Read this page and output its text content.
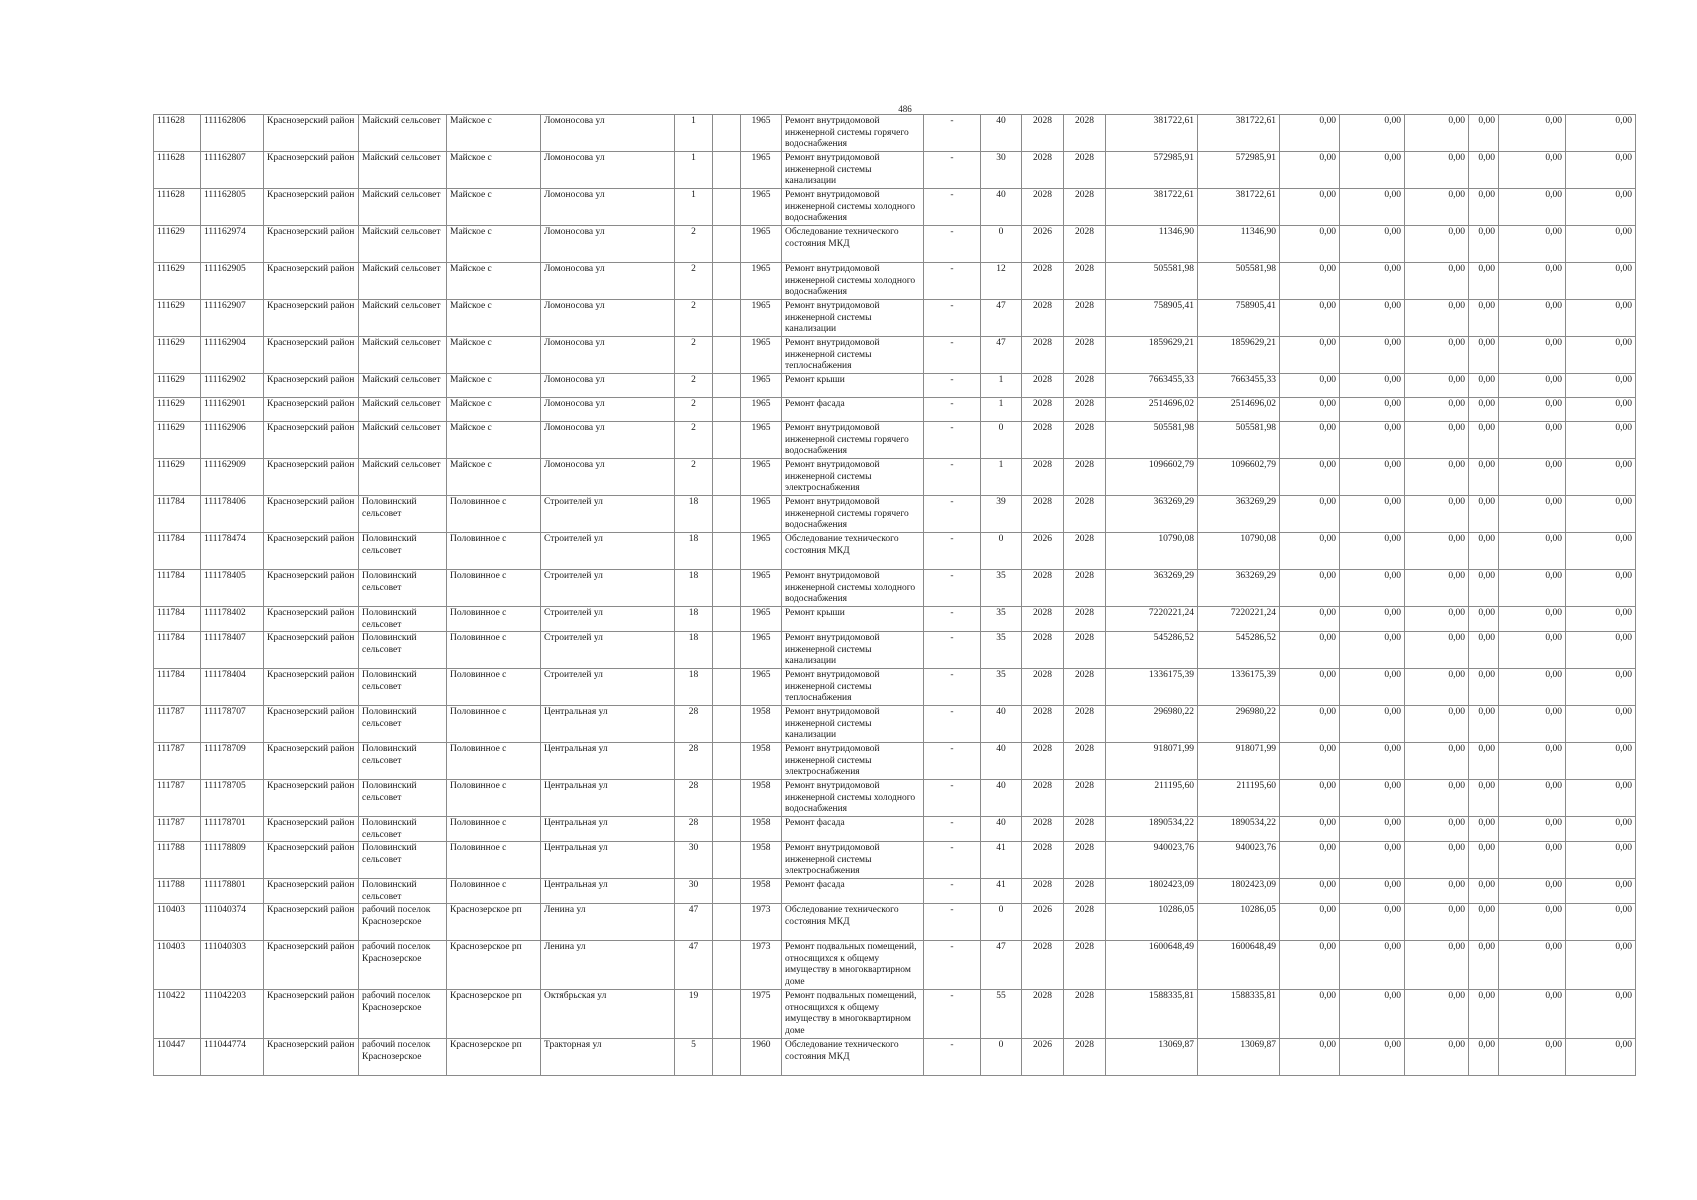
486
111628	111162806	Краснозерский район	Майский сельсовет	Майское с	Ломоносова ул	1		1965	Ремонт внутридомовой инженерной системы горячего водоснабжения	-	40	2028	2028	381722,61	381722,61	0,00	0,00	0,00	0,00	0,00	0,00
111628	111162807	Краснозерский район	Майский сельсовет	Майское с	Ломоносова ул	1		1965	Ремонт внутридомовой инженерной системы канализации	-	30	2028	2028	572985,91	572985,91	0,00	0,00	0,00	0,00	0,00	0,00
111628	111162805	Краснозерский район	Майский сельсовет	Майское с	Ломоносова ул	1		1965	Ремонт внутридомовой инженерной системы холодного водоснабжения	-	40	2028	2028	381722,61	381722,61	0,00	0,00	0,00	0,00	0,00	0,00
111629	111162974	Краснозерский район	Майский сельсовет	Майское с	Ломоносова ул	2		1965	Обследование технического состояния МКД	-	0	2026	2028	11346,90	11346,90	0,00	0,00	0,00	0,00	0,00	0,00
111629	111162905	Краснозерский район	Майский сельсовет	Майское с	Ломоносова ул	2		1965	Ремонт внутридомовой инженерной системы холодного водоснабжения	-	12	2028	2028	505581,98	505581,98	0,00	0,00	0,00	0,00	0,00	0,00
111629	111162907	Краснозерский район	Майский сельсовет	Майское с	Ломоносова ул	2		1965	Ремонт внутридомовой инженерной системы канализации	-	47	2028	2028	758905,41	758905,41	0,00	0,00	0,00	0,00	0,00	0,00
111629	111162904	Краснозерский район	Майский сельсовет	Майское с	Ломоносова ул	2		1965	Ремонт внутридомовой инженерной системы теплоснабжения	-	47	2028	2028	1859629,21	1859629,21	0,00	0,00	0,00	0,00	0,00	0,00
111629	111162902	Краснозерский район	Майский сельсовет	Майское с	Ломоносова ул	2		1965	Ремонт крыши	-	1	2028	2028	7663455,33	7663455,33	0,00	0,00	0,00	0,00	0,00	0,00
111629	111162901	Краснозерский район	Майский сельсовет	Майское с	Ломоносова ул	2		1965	Ремонт фасада	-	1	2028	2028	2514696,02	2514696,02	0,00	0,00	0,00	0,00	0,00	0,00
111629	111162906	Краснозерский район	Майский сельсовет	Майское с	Ломоносова ул	2		1965	Ремонт внутридомовой инженерной системы горячего водоснабжения	-	0	2028	2028	505581,98	505581,98	0,00	0,00	0,00	0,00	0,00	0,00
111629	111162909	Краснозерский район	Майский сельсовет	Майское с	Ломоносова ул	2		1965	Ремонт внутридомовой инженерной системы электроснабжения	-	1	2028	2028	1096602,79	1096602,79	0,00	0,00	0,00	0,00	0,00	0,00
111784	111178406	Краснозерский район	Половинский сельсовет	Половинное с	Строителей ул	18		1965	Ремонт внутридомовой инженерной системы горячего водоснабжения	-	39	2028	2028	363269,29	363269,29	0,00	0,00	0,00	0,00	0,00	0,00
111784	111178474	Краснозерский район	Половинский сельсовет	Половинное с	Строителей ул	18		1965	Обследование технического состояния МКД	-	0	2026	2028	10790,08	10790,08	0,00	0,00	0,00	0,00	0,00	0,00
111784	111178405	Краснозерский район	Половинский сельсовет	Половинное с	Строителей ул	18		1965	Ремонт внутридомовой инженерной системы холодного водоснабжения	-	35	2028	2028	363269,29	363269,29	0,00	0,00	0,00	0,00	0,00	0,00
111784	111178402	Краснозерский район	Половинский сельсовет	Половинное с	Строителей ул	18		1965	Ремонт крыши	-	35	2028	2028	7220221,24	7220221,24	0,00	0,00	0,00	0,00	0,00	0,00
111784	111178407	Краснозерский район	Половинский сельсовет	Половинное с	Строителей ул	18		1965	Ремонт внутридомовой инженерной системы канализации	-	35	2028	2028	545286,52	545286,52	0,00	0,00	0,00	0,00	0,00	0,00
111784	111178404	Краснозерский район	Половинский сельсовет	Половинное с	Строителей ул	18		1965	Ремонт внутридомовой инженерной системы теплоснабжения	-	35	2028	2028	1336175,39	1336175,39	0,00	0,00	0,00	0,00	0,00	0,00
111787	111178707	Краснозерский район	Половинский сельсовет	Половинное с	Центральная ул	28		1958	Ремонт внутридомовой инженерной системы канализации	-	40	2028	2028	296980,22	296980,22	0,00	0,00	0,00	0,00	0,00	0,00
111787	111178709	Краснозерский район	Половинский сельсовет	Половинное с	Центральная ул	28		1958	Ремонт внутридомовой инженерной системы электроснабжения	-	40	2028	2028	918071,99	918071,99	0,00	0,00	0,00	0,00	0,00	0,00
111787	111178705	Краснозерский район	Половинский сельсовет	Половинное с	Центральная ул	28		1958	Ремонт внутридомовой инженерной системы холодного водоснабжения	-	40	2028	2028	211195,60	211195,60	0,00	0,00	0,00	0,00	0,00	0,00
111787	111178701	Краснозерский район	Половинский сельсовет	Половинное с	Центральная ул	28		1958	Ремонт фасада	-	40	2028	2028	1890534,22	1890534,22	0,00	0,00	0,00	0,00	0,00	0,00
111788	111178809	Краснозерский район	Половинский сельсовет	Половинное с	Центральная ул	30		1958	Ремонт внутридомовой инженерной системы электроснабжения	-	41	2028	2028	940023,76	940023,76	0,00	0,00	0,00	0,00	0,00	0,00
111788	111178801	Краснозерский район	Половинский сельсовет	Половинное с	Центральная ул	30		1958	Ремонт фасада	-	41	2028	2028	1802423,09	1802423,09	0,00	0,00	0,00	0,00	0,00	0,00
110403	111040374	Краснозерский район	рабочий поселок Краснозерское	Краснозерское рп	Ленина ул	47		1973	Обследование технического состояния МКД	-	0	2026	2028	10286,05	10286,05	0,00	0,00	0,00	0,00	0,00	0,00
110403	111040303	Краснозерский район	рабочий поселок Краснозерское	Краснозерское рп	Ленина ул	47		1973	Ремонт подвальных помещений, относящихся к общему имуществу в многоквартирном доме	-	47	2028	2028	1600648,49	1600648,49	0,00	0,00	0,00	0,00	0,00	0,00
110422	111042203	Краснозерский район	рабочий поселок Краснозерское	Краснозерское рп	Октябрьская ул	19		1975	Ремонт подвальных помещений, относящихся к общему имуществу в многоквартирном доме	-	55	2028	2028	1588335,81	1588335,81	0,00	0,00	0,00	0,00	0,00	0,00
110447	111044774	Краснозерский район	рабочий поселок Краснозерское	Краснозерское рп	Тракторная ул	5		1960	Обследование технического состояния МКД	-	0	2026	2028	13069,87	13069,87	0,00	0,00	0,00	0,00	0,00	0,00
